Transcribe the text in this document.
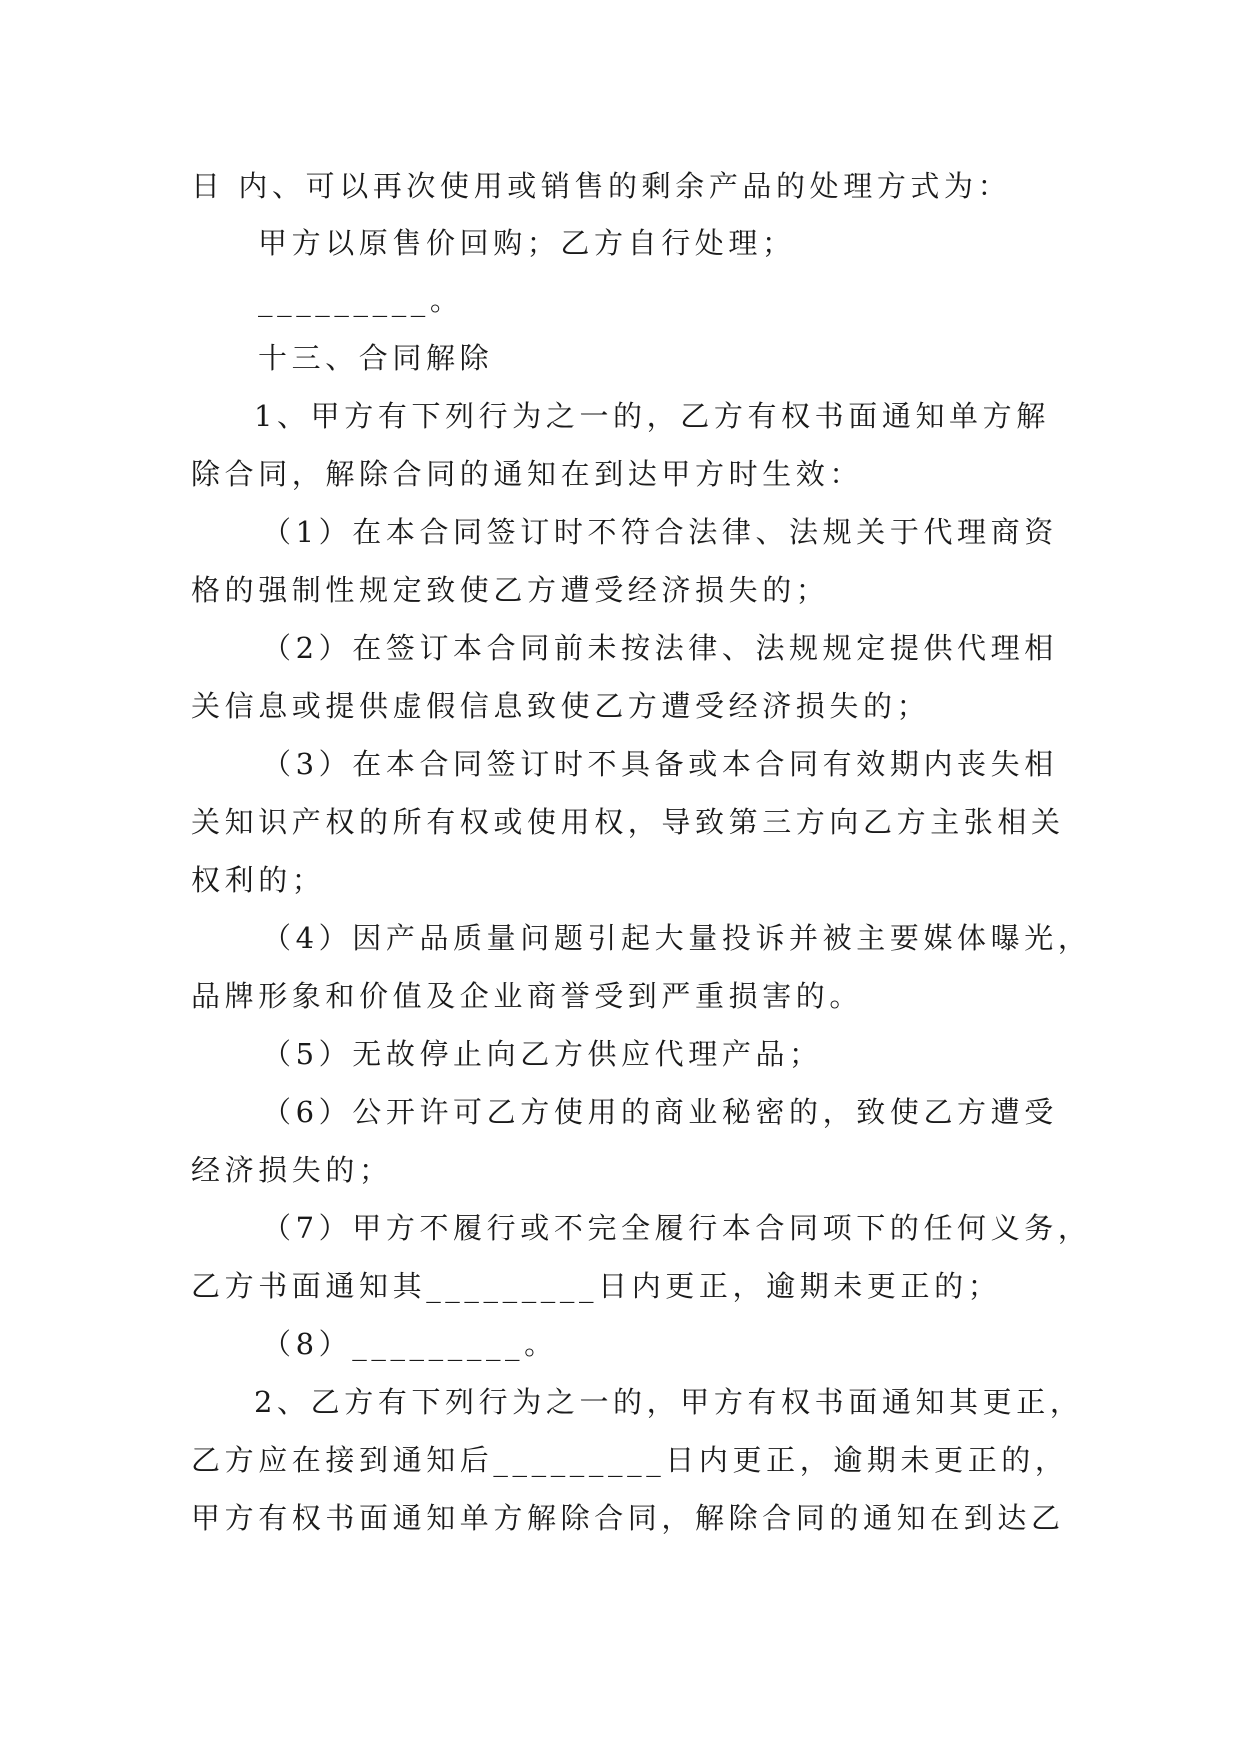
日 内、可以再次使用或销售的剩余产品的处理方式为：
甲方以原售价回购；乙方自行处理；
_________。
十三、合同解除
1、甲方有下列行为之一的，乙方有权书面通知单方解
除合同，解除合同的通知在到达甲方时生效：
（1）在本合同签订时不符合法律、法规关于代理商资
格的强制性规定致使乙方遭受经济损失的；
（2）在签订本合同前未按法律、法规规定提供代理相
关信息或提供虚假信息致使乙方遭受经济损失的；
（3）在本合同签订时不具备或本合同有效期内丧失相
关知识产权的所有权或使用权，导致第三方向乙方主张相关
权利的；
（4）因产品质量问题引起大量投诉并被主要媒体曝光，
品牌形象和价值及企业商誉受到严重损害的。
（5）无故停止向乙方供应代理产品；
（6）公开许可乙方使用的商业秘密的，致使乙方遭受
经济损失的；
（7）甲方不履行或不完全履行本合同项下的任何义务，
乙方书面通知其_________日内更正，逾期未更正的；
（8）_________。
2、乙方有下列行为之一的，甲方有权书面通知其更正，
乙方应在接到通知后_________日内更正，逾期未更正的，
甲方有权书面通知单方解除合同，解除合同的通知在到达乙
